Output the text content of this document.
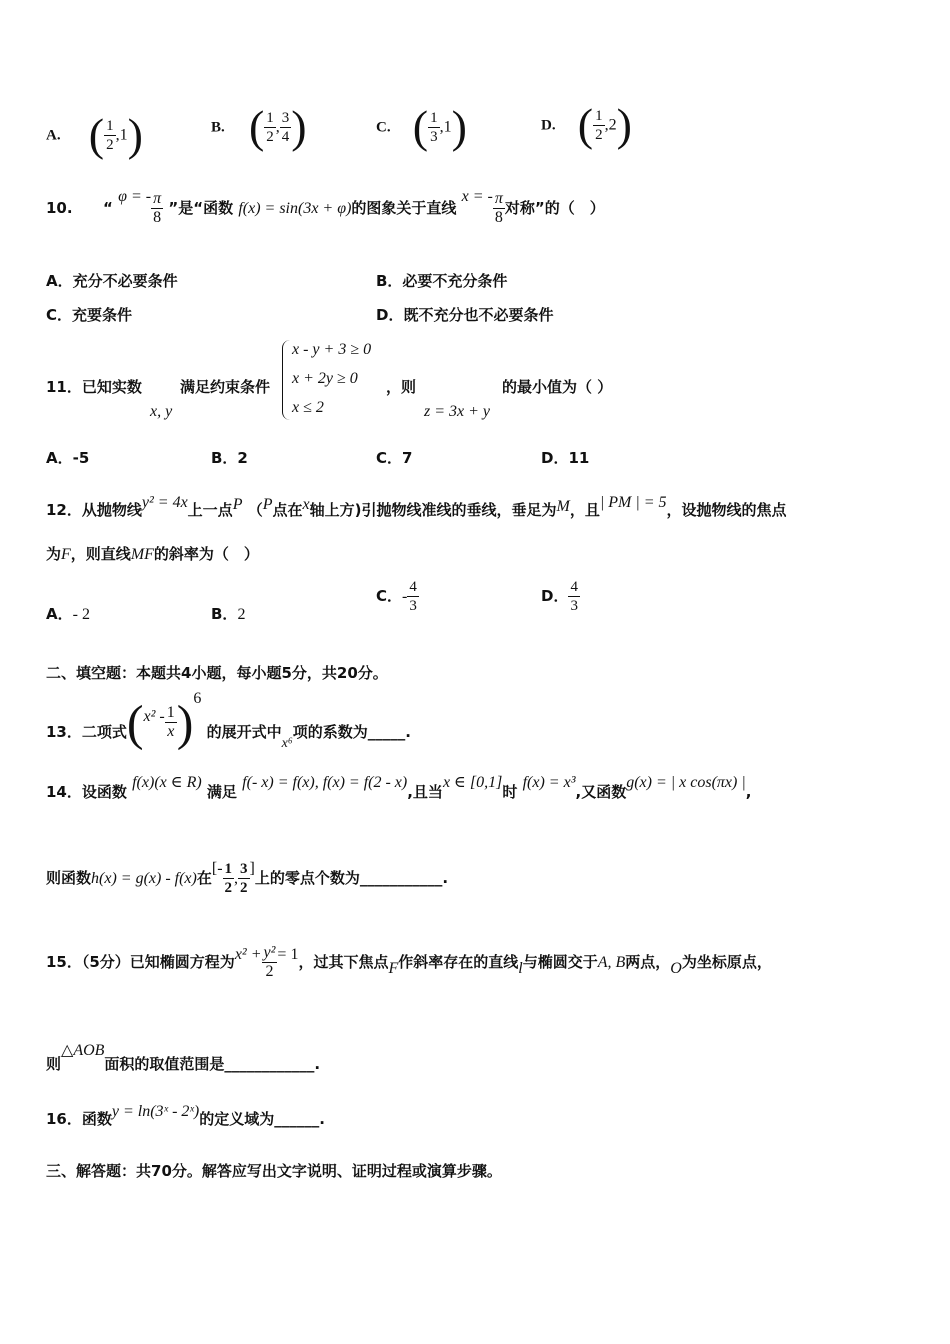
A. ( $\frac{1}{2} ,1$)	B. ( $\frac{1}{2}$ , $\frac{3}{4}$ )	C. ( $\frac{1}{3} ,1$)	D. ( $\frac{1}{2} ,2$)
10. “ φ = - $\frac{\pi}{8}$ ”是“函数 f(x) = sin(3x + φ)的图象关于直线 x = - $\frac{\pi}{8}$ 对称”的（　）
A．充分不必要条件	B．必要不充分条件
C．充要条件	D．既不充分也不必要条件
11．已知实数
x, y
满足约束条件
x - y + 3 ≥ 0
x + 2y ≥ 0
x ≤ 2
，则
z = 3x + y
的最小值为（ ）
A．-5	B．2	C．7	D．11
12．从抛物线y² = 4x上一点P （P点在x轴上方)引抛物线准线的垂线，垂足为M，且| PM | = 5，设抛物线的焦点
为F，则直线MF的斜率为（　）
A．- 2	B．2
C．- $\frac{4}{3}$	D． $\frac{4}{3}$
二、填空题：本题共4小题，每小题5分，共20分。
13．二项式$(x^2 - \frac{1}{x} )^6$ 的展开式中x⁶项的系数为_____.
14．设函数 f(x)(x ∈ R) 满足 f(- x) = f(x), f(x) = f(2 - x),且当x ∈ [0,1]时 f(x) = x³,又函数g(x) = | x cos(πx) |,
则函数h(x) = g(x) - f(x)在[- $\frac{1}{2}$ , $\frac{3}{2}$ ]上的零点个数为___________.
15．（5分）已知椭圆方程为$x^2 + \frac{\text{y²}}{2} = 1$，过其下焦点F作斜率存在的直线l与椭圆交于A, B两点，O为坐标原点，
则△AOB面积的取值范围是____________.
16．函数y = ln(3ˣ - 2ˣ)的定义域为______.
三、解答题：共70分。解答应写出文字说明、证明过程或演算步骤。
